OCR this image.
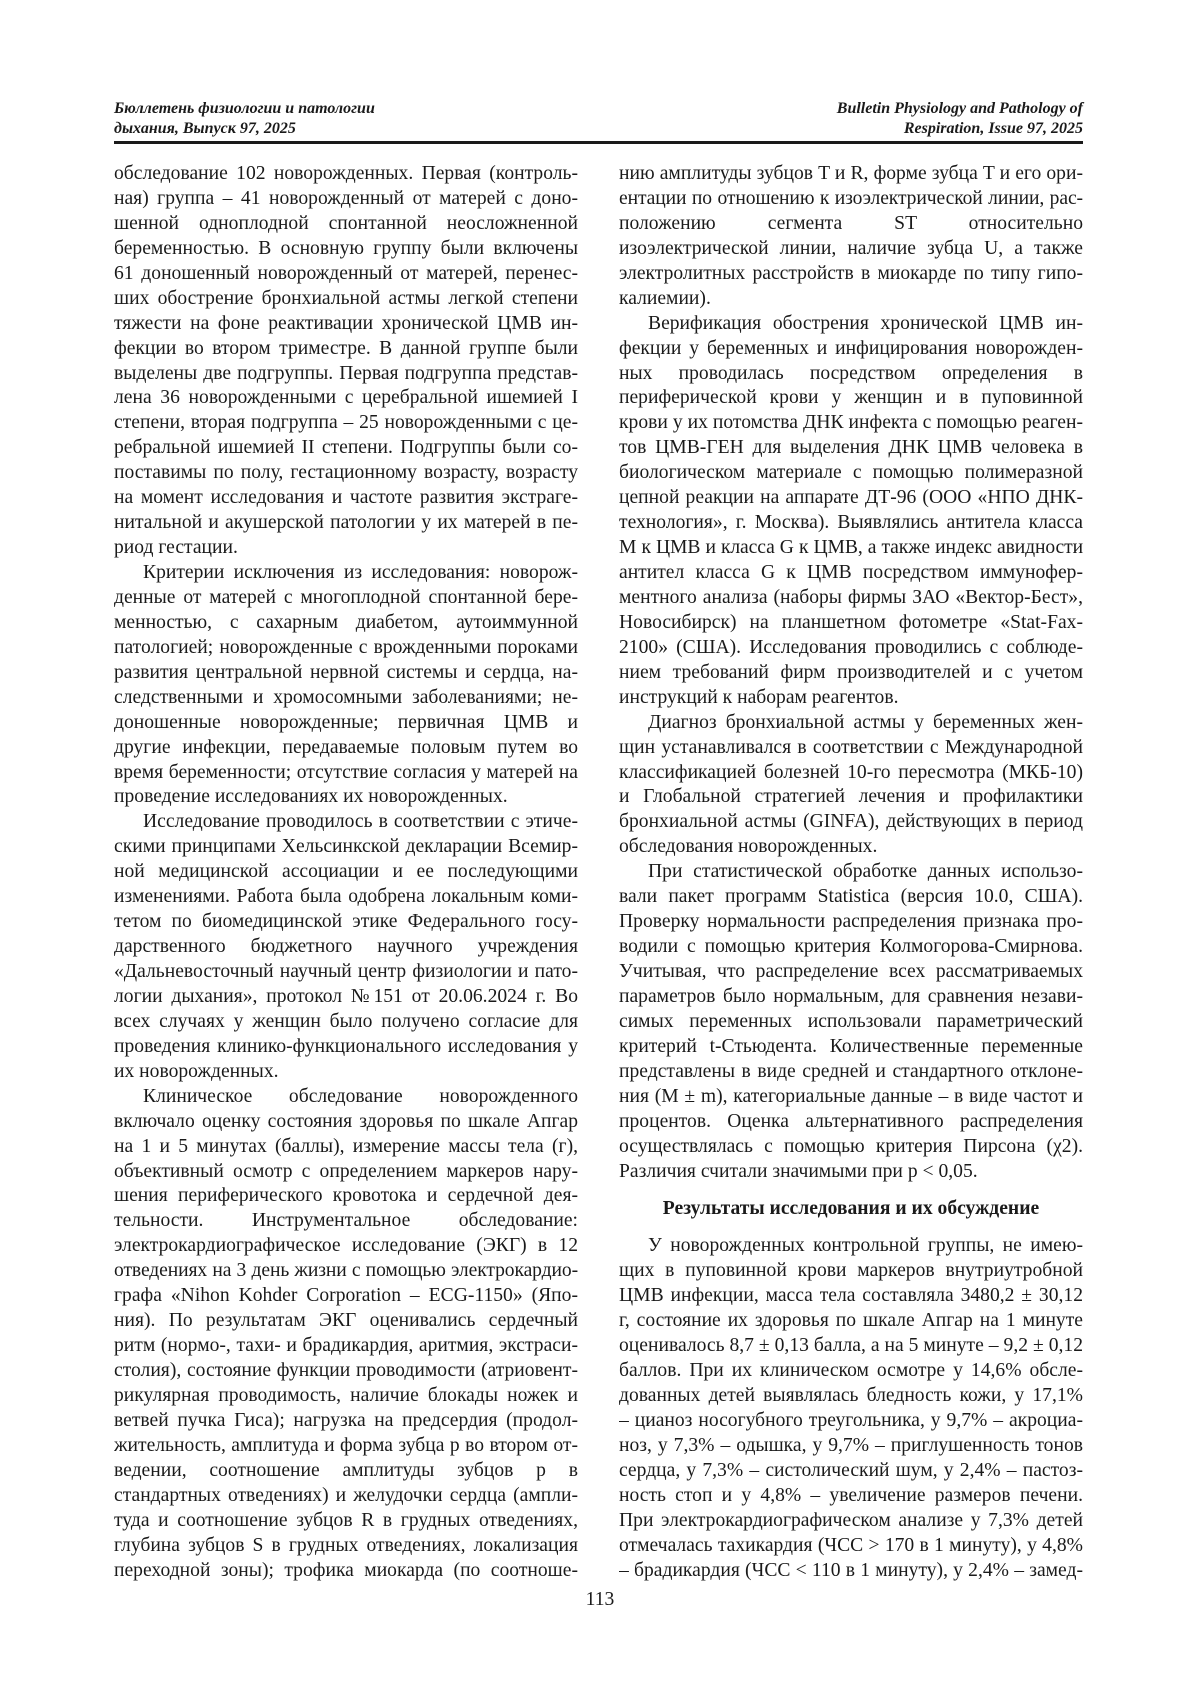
Бюллетень физиологии и патологии
дыхания, Выпуск 97, 2025
Bulletin Physiology and Pathology of
Respiration, Issue 97, 2025
обследование 102 новорожденных. Первая (контроль-
ная) группа – 41 новорожденный от матерей с доно-
шенной одноплодной спонтанной неосложненной
беременностью. В основную группу были включены
61 доношенный новорожденный от матерей, перенес-
ших обострение бронхиальной астмы легкой степени
тяжести на фоне реактивации хронической ЦМВ ин-
фекции во втором триместре. В данной группе были
выделены две подгруппы. Первая подгруппа представ-
лена 36 новорожденными с церебральной ишемией I
степени, вторая подгруппа – 25 новорожденными с це-
ребральной ишемией II степени. Подгруппы были со-
поставимы по полу, гестационному возрасту, возрасту
на момент исследования и частоте развития экстраге-
нитальной и акушерской патологии у их матерей в пе-
риод гестации.
Критерии исключения из исследования: новорож-
денные от матерей с многоплодной спонтанной бере-
менностью, с сахарным диабетом, аутоиммунной
патологией; новорожденные с врожденными пороками
развития центральной нервной системы и сердца, на-
следственными и хромосомными заболеваниями; не-
доношенные новорожденные; первичная ЦМВ и
другие инфекции, передаваемые половым путем во
время беременности; отсутствие согласия у матерей на
проведение исследованиях их новорожденных.
Исследование проводилось в соответствии с этиче-
скими принципами Хельсинкской декларации Всемир-
ной медицинской ассоциации и ее последующими
изменениями. Работа была одобрена локальным коми-
тетом по биомедицинской этике Федерального госу-
дарственного бюджетного научного учреждения
«Дальневосточный научный центр физиологии и пато-
логии дыхания», протокол №151 от 20.06.2024 г. Во
всех случаях у женщин было получено согласие для
проведения клинико-функционального исследования у
их новорожденных.
Клиническое обследование новорожденного
включало оценку состояния здоровья по шкале Апгар
на 1 и 5 минутах (баллы), измерение массы тела (г),
объективный осмотр с определением маркеров нару-
шения периферического кровотока и сердечной дея-
тельности. Инструментальное обследование:
электрокардиографическое исследование (ЭКГ) в 12
отведениях на 3 день жизни с помощью электрокардио-
графа «Nihon Kohder Corporation – ECG-1150» (Япо-
ния). По результатам ЭКГ оценивались сердечный
ритм (нормо-, тахи- и брадикардия, аритмия, экстраси-
столия), состояние функции проводимости (атриовент-
рикулярная проводимость, наличие блокады ножек и
ветвей пучка Гиса); нагрузка на предсердия (продол-
жительность, амплитуда и форма зубца p во втором от-
ведении, соотношение амплитуды зубцов p в
стандартных отведениях) и желудочки сердца (ампли-
туда и соотношение зубцов R в грудных отведениях,
глубина зубцов S в грудных отведениях, локализация
переходной зоны); трофика миокарда (по соотноше-
нию амплитуды зубцов T и R, форме зубца T и его ори-
ентации по отношению к изоэлектрической линии, рас-
положению сегмента ST относительно
изоэлектрической линии, наличие зубца U, а также
электролитных расстройств в миокарде по типу гипо-
калиемии).
Верификация обострения хронической ЦМВ ин-
фекции у беременных и инфицирования новорожден-
ных проводилась посредством определения в
периферической крови у женщин и в пуповинной
крови у их потомства ДНК инфекта с помощью реаген-
тов ЦМВ-ГЕН для выделения ДНК ЦМВ человека в
биологическом материале с помощью полимеразной
цепной реакции на аппарате ДТ-96 (ООО «НПО ДНК-
технология», г. Москва). Выявлялись антитела класса
M к ЦМВ и класса G к ЦМВ, а также индекс авидности
антител класса G к ЦМВ посредством иммунофер-
ментного анализа (наборы фирмы ЗАО «Вектор-Бест»,
Новосибирск) на планшетном фотометре «Stat-Fax-
2100» (США). Исследования проводились с соблюде-
нием требований фирм производителей и с учетом
инструкций к наборам реагентов.
Диагноз бронхиальной астмы у беременных жен-
щин устанавливался в соответствии с Международной
классификацией болезней 10-го пересмотра (МКБ-10)
и Глобальной стратегией лечения и профилактики
бронхиальной астмы (GINFA), действующих в период
обследования новорожденных.
При статистической обработке данных использо-
вали пакет программ Statistica (версия 10.0, США).
Проверку нормальности распределения признака про-
водили с помощью критерия Колмогорова-Смирнова.
Учитывая, что распределение всех рассматриваемых
параметров было нормальным, для сравнения незави-
симых переменных использовали параметрический
критерий t-Стьюдента. Количественные переменные
представлены в виде средней и стандартного отклоне-
ния (M ± m), категориальные данные – в виде частот и
процентов. Оценка альтернативного распределения
осуществлялась с помощью критерия Пирсона (χ2).
Различия считали значимыми при p < 0,05.
Результаты исследования и их обсуждение
У новорожденных контрольной группы, не имею-
щих в пуповинной крови маркеров внутриутробной
ЦМВ инфекции, масса тела составляла 3480,2 ± 30,12
г, состояние их здоровья по шкале Апгар на 1 минуте
оценивалось 8,7 ± 0,13 балла, а на 5 минуте – 9,2 ± 0,12
баллов. При их клиническом осмотре у 14,6% обсле-
дованных детей выявлялась бледность кожи, у 17,1%
– цианоз носогубного треугольника, у 9,7% – акроциа-
ноз, у 7,3% – одышка, у 9,7% – приглушенность тонов
сердца, у 7,3% – систолический шум, у 2,4% – пастоз-
ность стоп и у 4,8% – увеличение размеров печени.
При электрокардиографическом анализе у 7,3% детей
отмечалась тахикардия (ЧСС > 170 в 1 минуту), у 4,8%
– брадикардия (ЧСС < 110 в 1 минуту), у 2,4% – замед-
113
